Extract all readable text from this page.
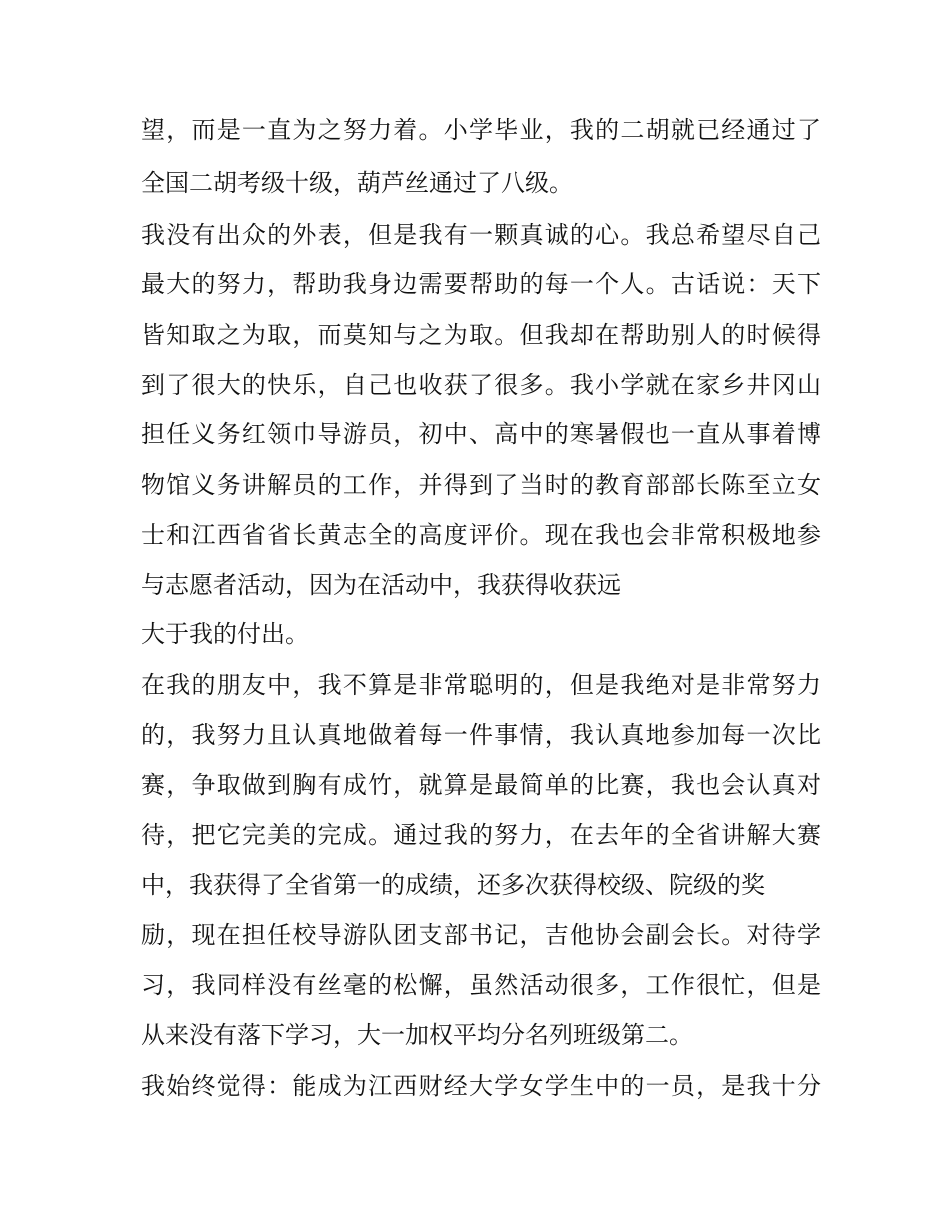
望，而是一直为之努力着。小学毕业，我的二胡就已经通过了
全国二胡考级十级，葫芦丝通过了八级。
我没有出众的外表，但是我有一颗真诚的心。我总希望尽自己
最大的努力，帮助我身边需要帮助的每一个人。古话说：天下
皆知取之为取，而莫知与之为取。但我却在帮助别人的时候得
到了很大的快乐，自己也收获了很多。我小学就在家乡井冈山
担任义务红领巾导游员，初中、高中的寒暑假也一直从事着博
物馆义务讲解员的工作，并得到了当时的教育部部长陈至立女
士和江西省省长黄志全的高度评价。现在我也会非常积极地参
与志愿者活动，因为在活动中，我获得收获远
大于我的付出。
在我的朋友中，我不算是非常聪明的，但是我绝对是非常努力
的，我努力且认真地做着每一件事情，我认真地参加每一次比
赛，争取做到胸有成竹，就算是最简单的比赛，我也会认真对
待，把它完美的完成。通过我的努力，在去年的全省讲解大赛
中，我获得了全省第一的成绩，还多次获得校级、院级的奖
励，现在担任校导游队团支部书记，吉他协会副会长。对待学
习，我同样没有丝毫的松懈，虽然活动很多，工作很忙，但是
从来没有落下学习，大一加权平均分名列班级第二。
我始终觉得：能成为江西财经大学女学生中的一员，是我十分
